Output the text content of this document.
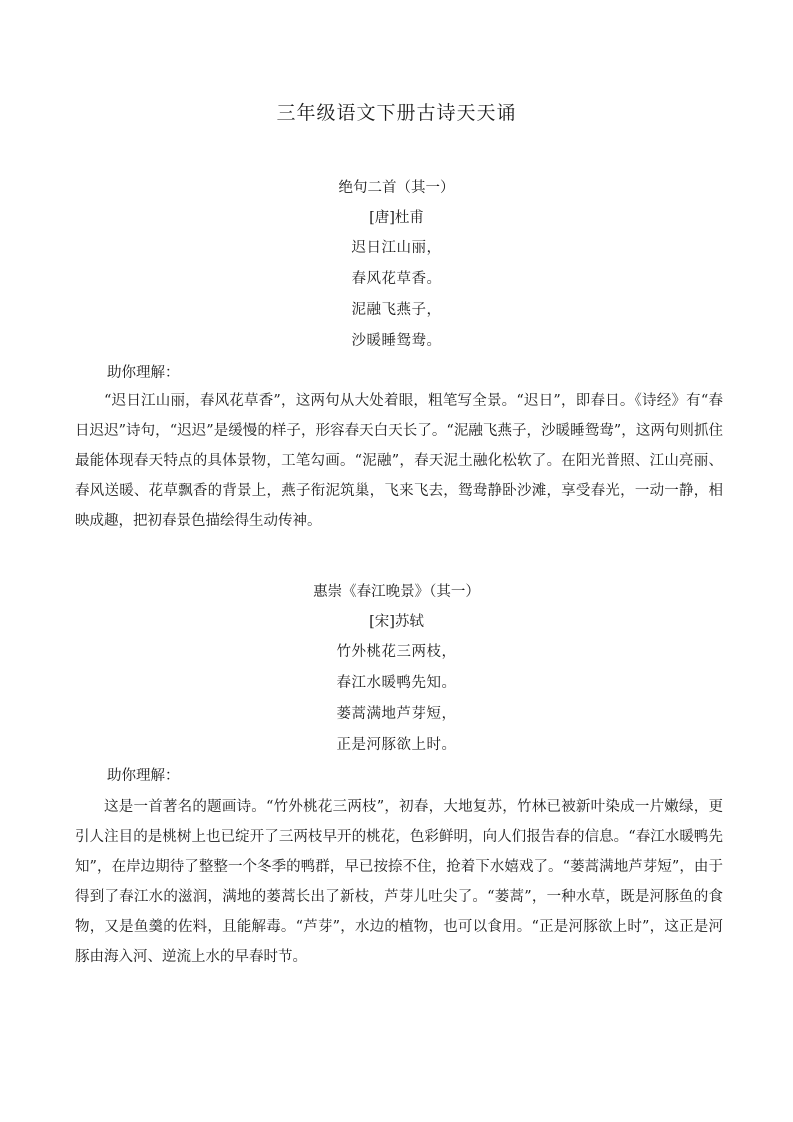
三年级语文下册古诗天天诵
绝句二首（其一）
[唐]杜甫
迟日江山丽，
春风花草香。
泥融飞燕子，
沙暖睡鸳鸯。
助你理解：

“迟日江山丽，春风花草香”，这两句从大处着眼，粗笔写全景。“迟日”，即春日。《诗经》有“春日迟迟”诗句，“迟迟”是缓慢的样子，形容春天白天长了。“泥融飞燕子，沙暖睡鸳鸯”，这两句则抓住最能体现春天特点的具体景物，工笔勾画。“泥融”，春天泥土融化松软了。在阳光普照、江山亮丽、春风送暖、花草飘香的背景上，燕子衔泥筑巢，飞来飞去，鸳鸯静卧沙滩，享受春光，一动一静，相映成趣，把初春景色描绘得生动传神。

惠崇《春江晚景》（其一）
[宋]苏轼
竹外桃花三两枝，
春江水暖鸭先知。
蒌蒿满地芦芽短，
正是河豚欲上时。
助你理解：

这是一首著名的题画诗。“竹外桃花三两枝”，初春，大地复苏，竹林已被新叶染成一片嫩绿，更引人注目的是桃树上也已绽开了三两枝早开的桃花，色彩鲜明，向人们报告春的信息。“春江水暖鸭先知”，在岸边期待了整整一个冬季的鸭群，早已按捺不住，抢着下水嬉戏了。“蒌蒿满地芦芽短”，由于得到了春江水的滋润，满地的蒌蒿长出了新枝，芦芽儿吐尖了。“蒌蒿”，一种水草，既是河豚鱼的食物，又是鱼羹的佐料，且能解毒。“芦芽”，水边的植物，也可以食用。“正是河豚欲上时”，这正是河豚由海入河、逆流上水的早春时节。
